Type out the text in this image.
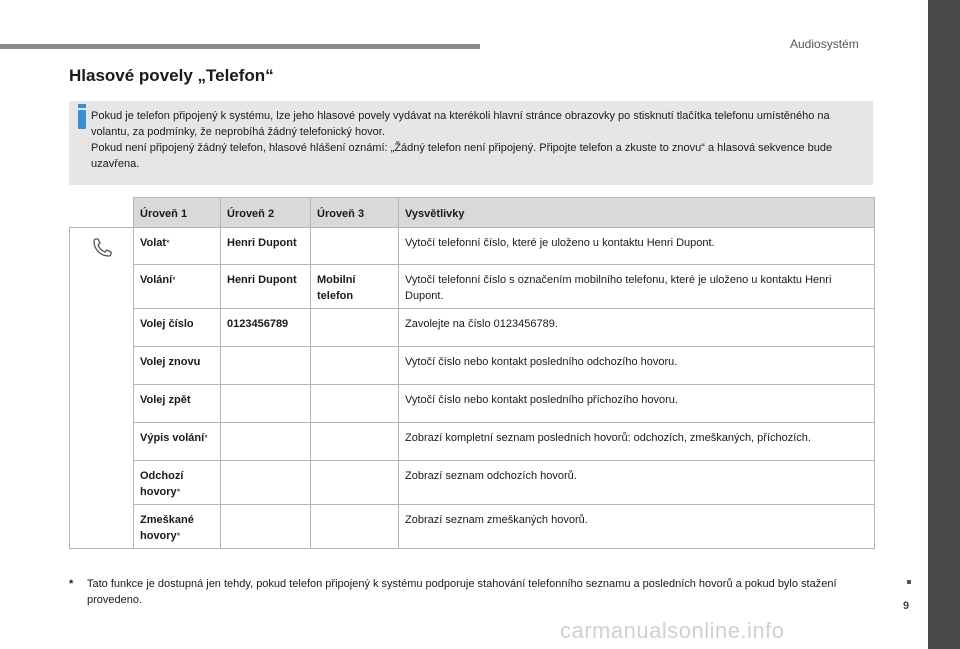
Audiosystém
9
Hlasové povely „Telefon“

Pokud je telefon připojený k systému, lze jeho hlasové povely vydávat na kterékoli hlavní stránce obrazovky po stisknutí tlačítka telefonu umístěného na volantu, za podmínky, že neprobíhá žádný telefonický hovor.

Pokud není připojený žádný telefon, hlasové hlášení oznámí: „Žádný telefon není připojený. Připojte telefon a zkuste to znovu“ a hlasová sekvence bude uzavřena.

	Úroveň 1	Úroveň 2	Úroveň 3	Vysvětlivky

	Volat*	Henri Dupont		Vytočí telefonní číslo, které je uloženo u kontaktu Henri Dupont.
	Volání*	Henri Dupont	Mobilní telefon	Vytočí telefonní číslo s označením mobilního telefonu, které je uloženo u kontaktu Henri Dupont.
	Volej číslo	0123456789		Zavolejte na číslo 0123456789.
	Volej znovu			Vytočí číslo nebo kontakt posledního odchozího hovoru.
	Volej zpět			Vytočí číslo nebo kontakt posledního příchozího hovoru.
	Výpis volání*			Zobrazí kompletní seznam posledních hovorů: odchozích, zmeškaných, příchozích.
	Odchozí hovory*			Zobrazí seznam odchozích hovorů.
	Zmeškané hovory*			Zobrazí seznam zmeškaných hovorů.
* Tato funkce je dostupná jen tehdy, pokud telefon připojený k systému podporuje stahování telefonního seznamu a posledních hovorů a pokud bylo stažení provedeno.
carmanualsonline.info
